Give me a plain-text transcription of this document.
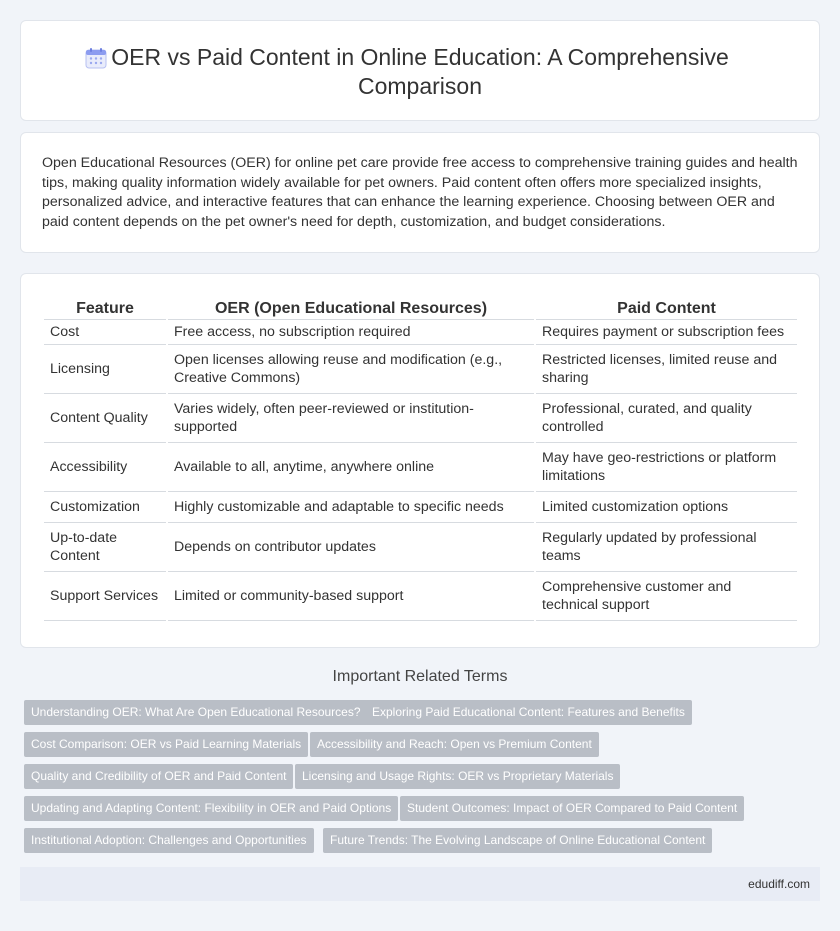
OER vs Paid Content in Online Education: A Comprehensive Comparison

Open Educational Resources (OER) for online pet care provide free access to comprehensive training guides and health tips, making quality information widely available for pet owners. Paid content often offers more specialized insights, personalized advice, and interactive features that can enhance the learning experience. Choosing between OER and paid content depends on the pet owner's need for depth, customization, and budget considerations.

Feature	OER (Open Educational Resources)	Paid Content
Cost	Free access, no subscription required	Requires payment or subscription fees
Licensing	Open licenses allowing reuse and modification (e.g., Creative Commons)	Restricted licenses, limited reuse and sharing
Content Quality	Varies widely, often peer-reviewed or institution-supported	Professional, curated, and quality controlled
Accessibility	Available to all, anytime, anywhere online	May have geo-restrictions or platform limitations
Customization	Highly customizable and adaptable to specific needs	Limited customization options
Up-to-date Content	Depends on contributor updates	Regularly updated by professional teams
Support Services	Limited or community-based support	Comprehensive customer and technical support
Important Related Terms
Understanding OER: What Are Open Educational Resources? Exploring Paid Educational Content: Features and Benefits
Cost Comparison: OER vs Paid Learning Materials	Accessibility and Reach: Open vs Premium Content
Quality and Credibility of OER and Paid Content	Licensing and Usage Rights: OER vs Proprietary Materials
Updating and Adapting Content: Flexibility in OER and Paid Options	Student Outcomes: Impact of OER Compared to Paid Content
Institutional Adoption: Challenges and Opportunities	Future Trends: The Evolving Landscape of Online Educational Content
edudiff.com
